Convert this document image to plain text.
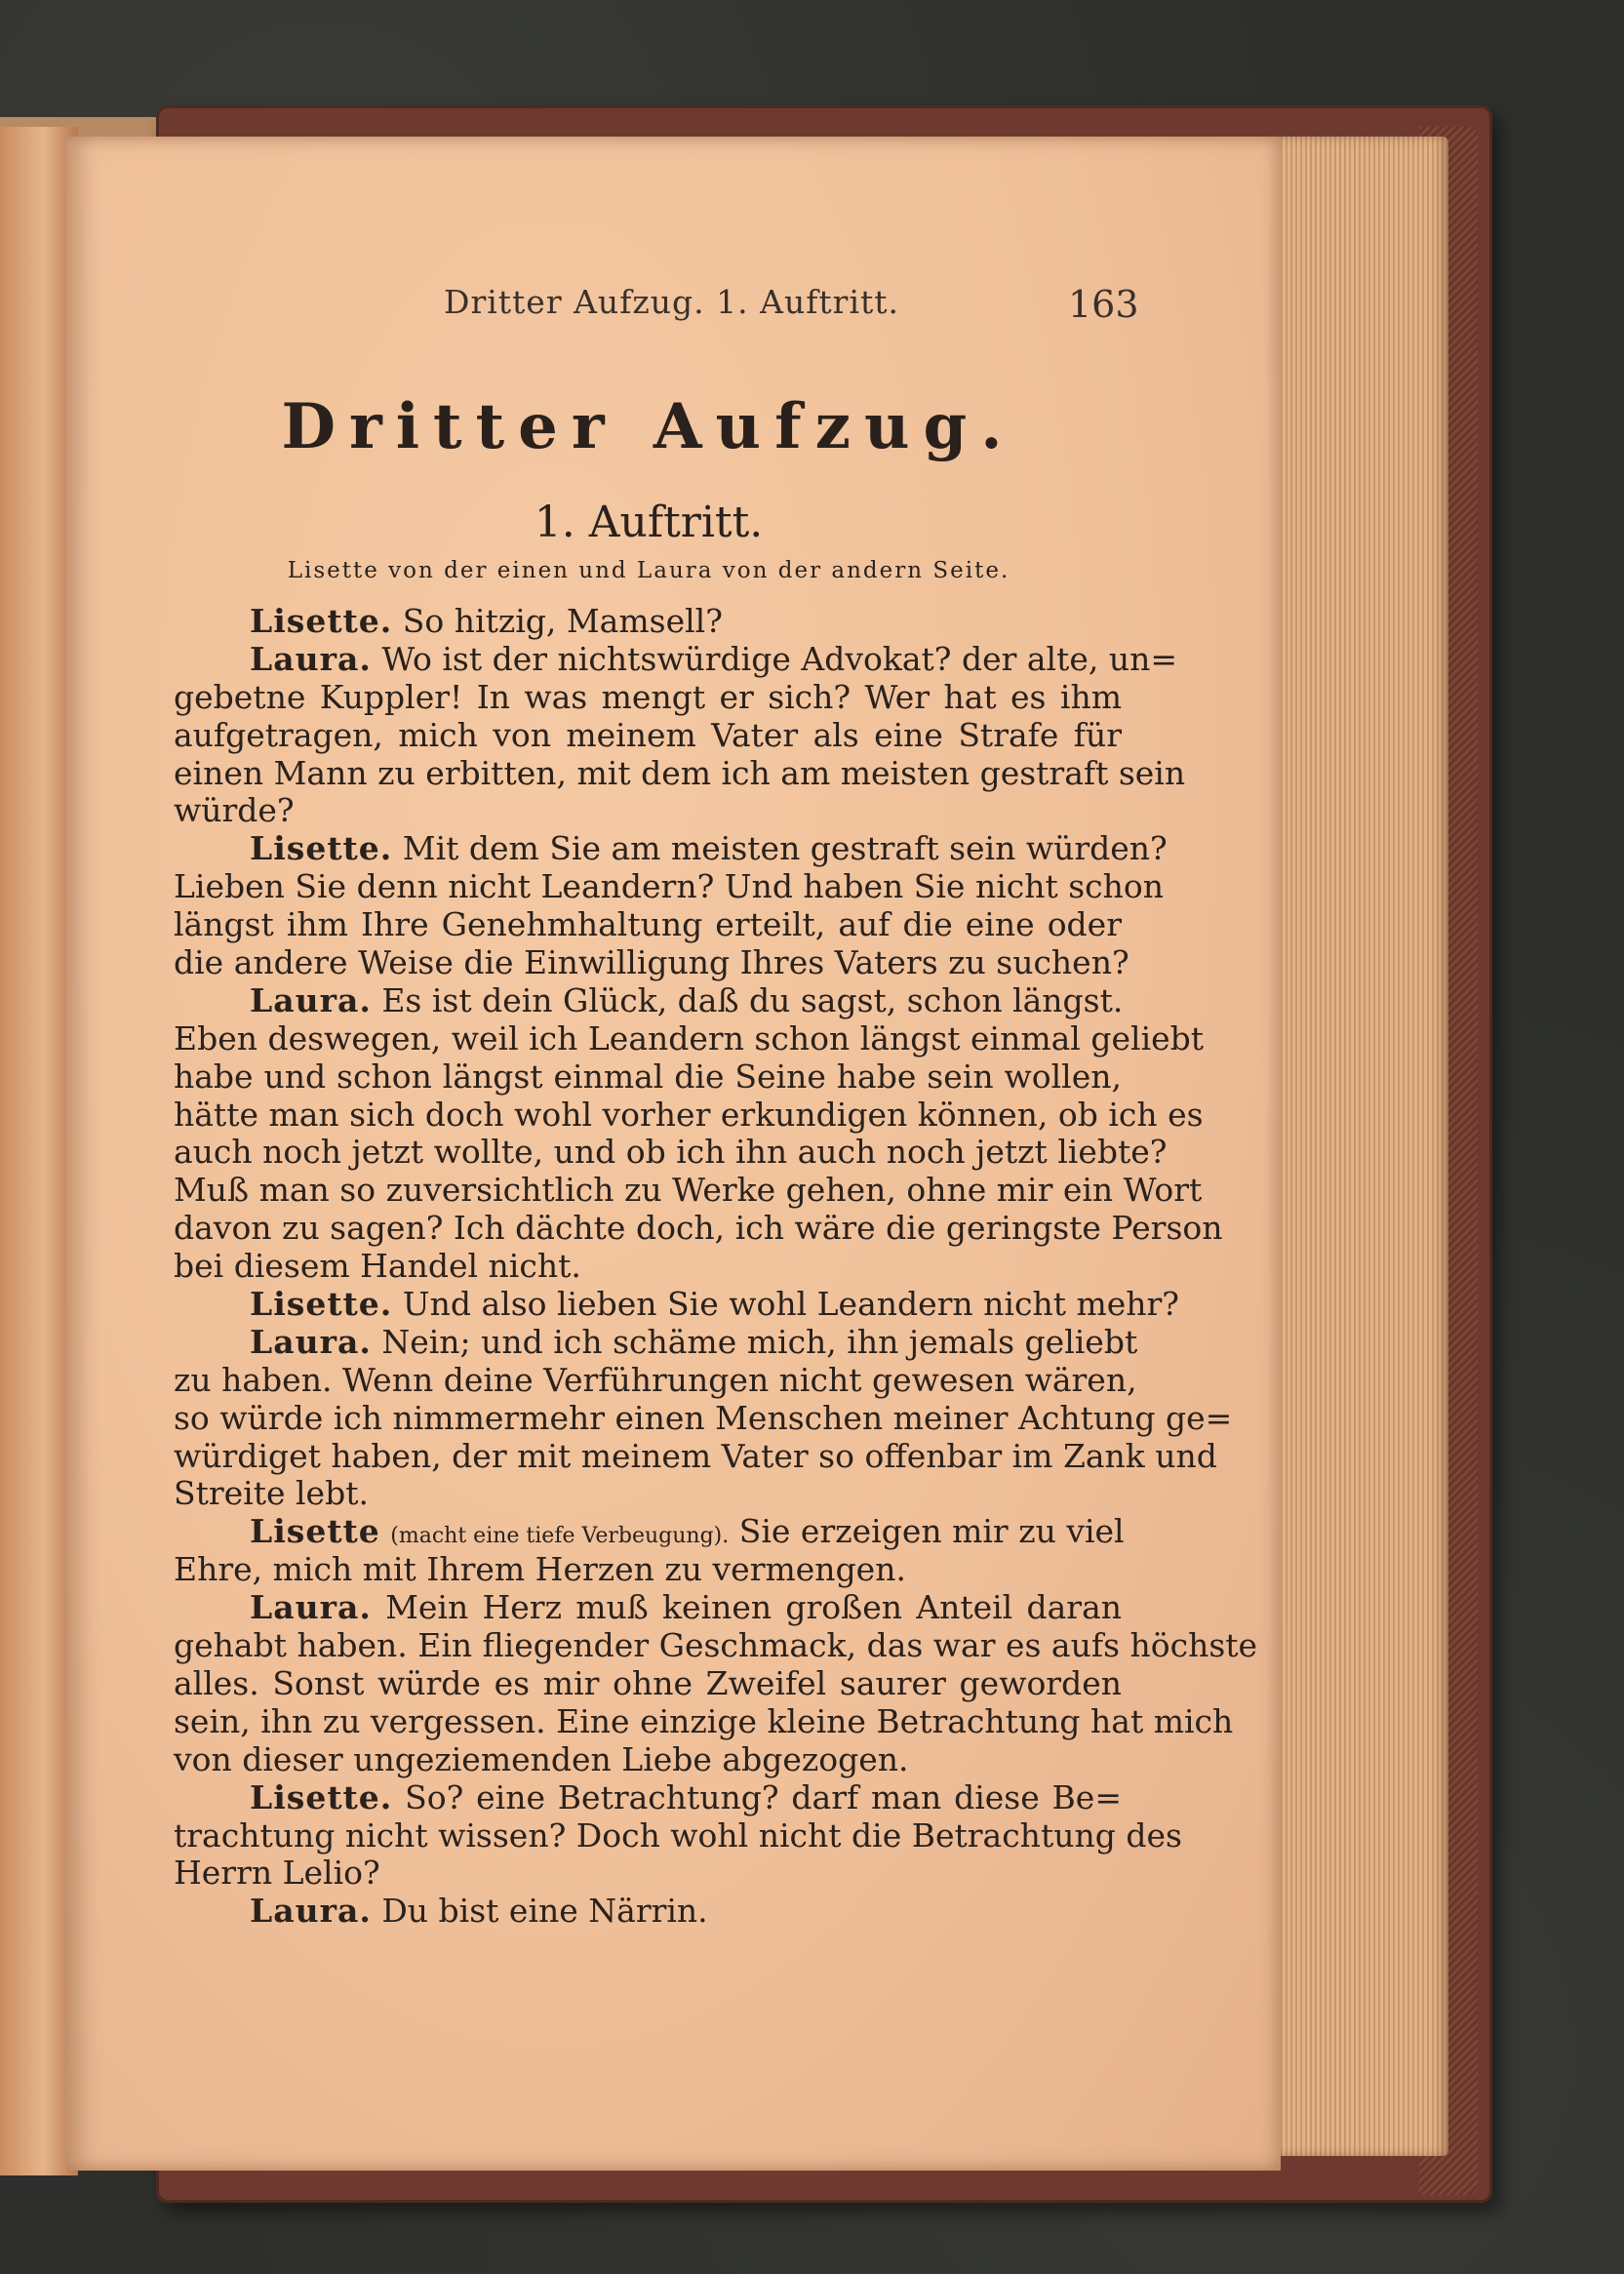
Dritter Aufzug. 1. Auftritt.	163
Dritter Aufzug.
1. Auftritt.
Lisette von der einen und Laura von der andern Seite.
Lisette. So hitzig, Mamsell?
Laura. Wo ist der nichtswürdige Advokat? der alte, un=
gebetne Kuppler! In was mengt er sich? Wer hat es ihm
aufgetragen, mich von meinem Vater als eine Strafe für
einen Mann zu erbitten, mit dem ich am meisten gestraft sein
würde?
Lisette. Mit dem Sie am meisten gestraft sein würden?
Lieben Sie denn nicht Leandern? Und haben Sie nicht schon
längst ihm Ihre Genehmhaltung erteilt, auf die eine oder
die andere Weise die Einwilligung Ihres Vaters zu suchen?
Laura. Es ist dein Glück, daß du sagst, schon längst.
Eben deswegen, weil ich Leandern schon längst einmal geliebt
habe und schon längst einmal die Seine habe sein wollen,
hätte man sich doch wohl vorher erkundigen können, ob ich es
auch noch jetzt wollte, und ob ich ihn auch noch jetzt liebte?
Muß man so zuversichtlich zu Werke gehen, ohne mir ein Wort
davon zu sagen? Ich dächte doch, ich wäre die geringste Person
bei diesem Handel nicht.
Lisette. Und also lieben Sie wohl Leandern nicht mehr?
Laura. Nein; und ich schäme mich, ihn jemals geliebt
zu haben. Wenn deine Verführungen nicht gewesen wären,
so würde ich nimmermehr einen Menschen meiner Achtung ge=
würdiget haben, der mit meinem Vater so offenbar im Zank und
Streite lebt.
Lisette (macht eine tiefe Verbeugung). Sie erzeigen mir zu viel
Ehre, mich mit Ihrem Herzen zu vermengen.
Laura. Mein Herz muß keinen großen Anteil daran
gehabt haben. Ein fliegender Geschmack, das war es aufs höchste
alles. Sonst würde es mir ohne Zweifel saurer geworden
sein, ihn zu vergessen. Eine einzige kleine Betrachtung hat mich
von dieser ungeziemenden Liebe abgezogen.
Lisette. So? eine Betrachtung? darf man diese Be=
trachtung nicht wissen? Doch wohl nicht die Betrachtung des
Herrn Lelio?
Laura. Du bist eine Närrin.
